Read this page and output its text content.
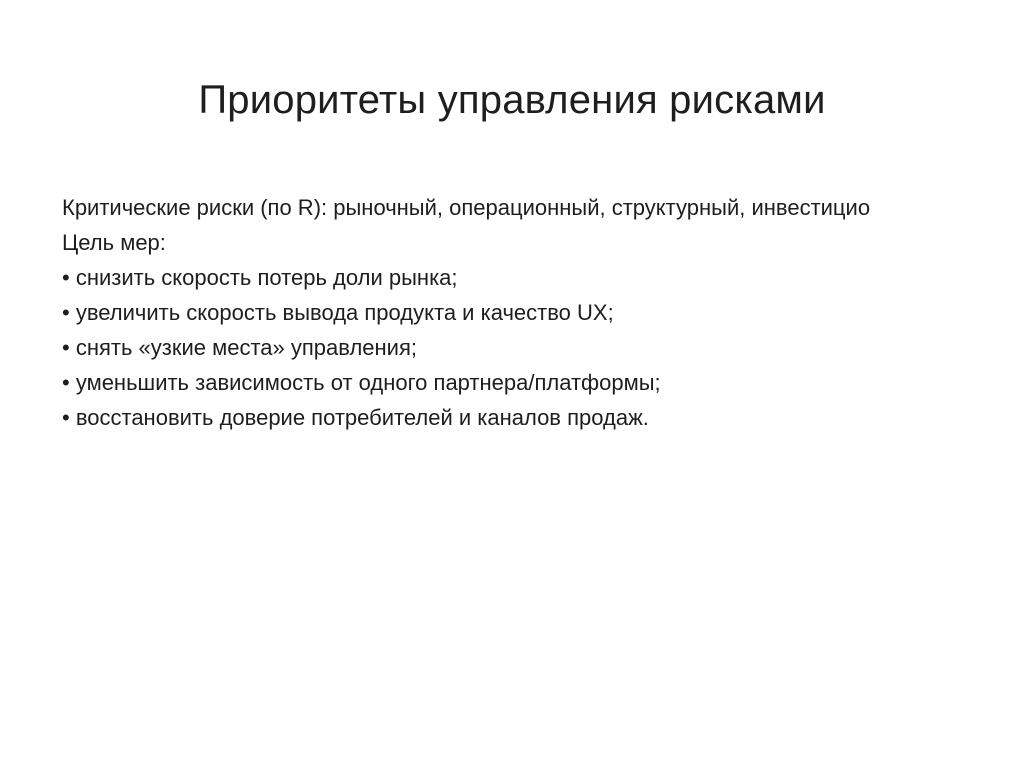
Приоритеты управления рисками
Критические риски (по R): рыночный, операционный, структурный, инвестицио
Цель мер:
• снизить скорость потерь доли рынка;
• увеличить скорость вывода продукта и качество UX;
• снять «узкие места» управления;
• уменьшить зависимость от одного партнера/платформы;
• восстановить доверие потребителей и каналов продаж.
